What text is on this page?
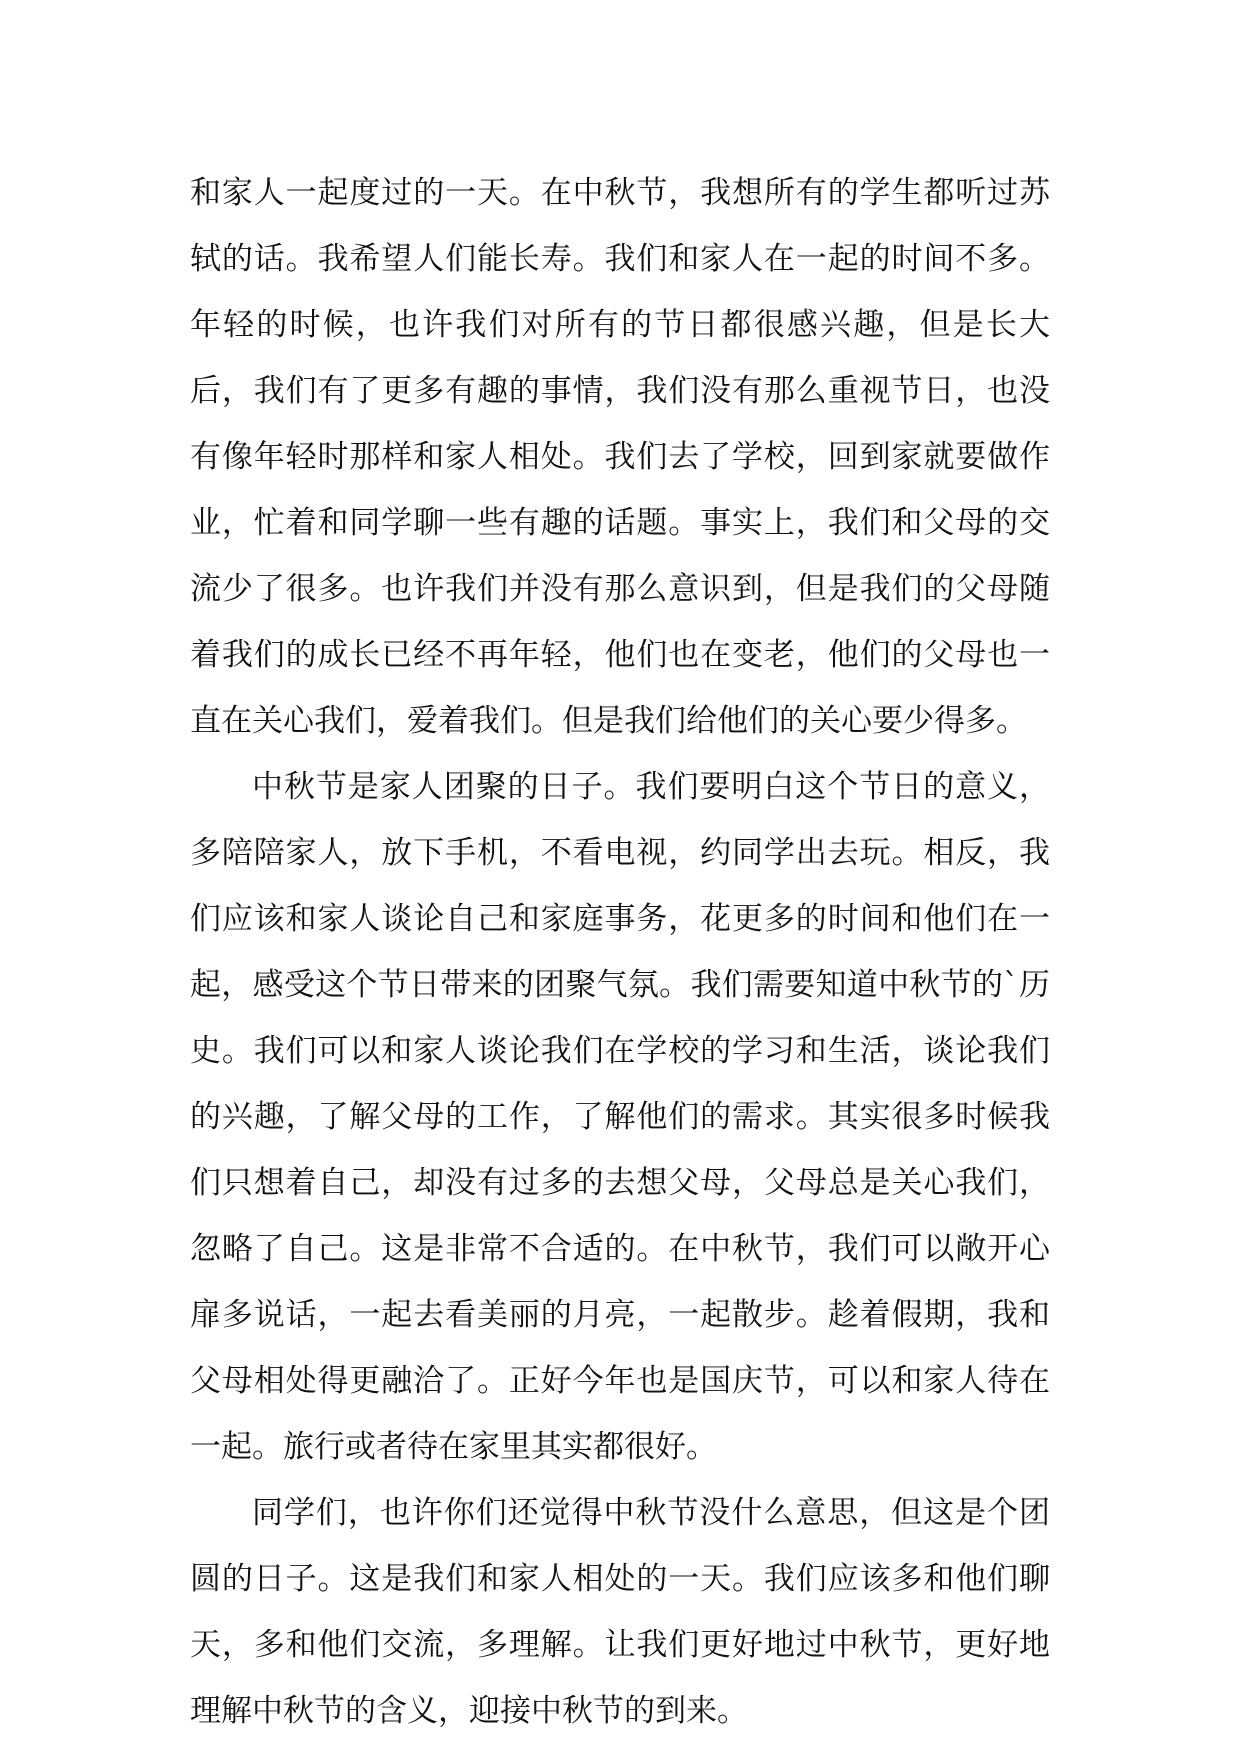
和家人一起度过的一天。在中秋节，我想所有的学生都听过苏轼的话。我希望人们能长寿。我们和家人在一起的时间不多。年轻的时候，也许我们对所有的节日都很感兴趣，但是长大后，我们有了更多有趣的事情，我们没有那么重视节日，也没有像年轻时那样和家人相处。我们去了学校，回到家就要做作业，忙着和同学聊一些有趣的话题。事实上，我们和父母的交流少了很多。也许我们并没有那么意识到，但是我们的父母随着我们的成长已经不再年轻，他们也在变老，他们的父母也一直在关心我们，爱着我们。但是我们给他们的关心要少得多。

中秋节是家人团聚的日子。我们要明白这个节日的意义，多陪陪家人，放下手机，不看电视，约同学出去玩。相反，我们应该和家人谈论自己和家庭事务，花更多的时间和他们在一起，感受这个节日带来的团聚气氛。我们需要知道中秋节的`历史。我们可以和家人谈论我们在学校的学习和生活，谈论我们的兴趣，了解父母的工作，了解他们的需求。其实很多时候我们只想着自己，却没有过多的去想父母，父母总是关心我们，忽略了自己。这是非常不合适的。在中秋节，我们可以敞开心扉多说话，一起去看美丽的月亮，一起散步。趁着假期，我和父母相处得更融洽了。正好今年也是国庆节，可以和家人待在一起。旅行或者待在家里其实都很好。

同学们，也许你们还觉得中秋节没什么意思，但这是个团圆的日子。这是我们和家人相处的一天。我们应该多和他们聊天，多和他们交流，多理解。让我们更好地过中秋节，更好地理解中秋节的含义，迎接中秋节的到来。
